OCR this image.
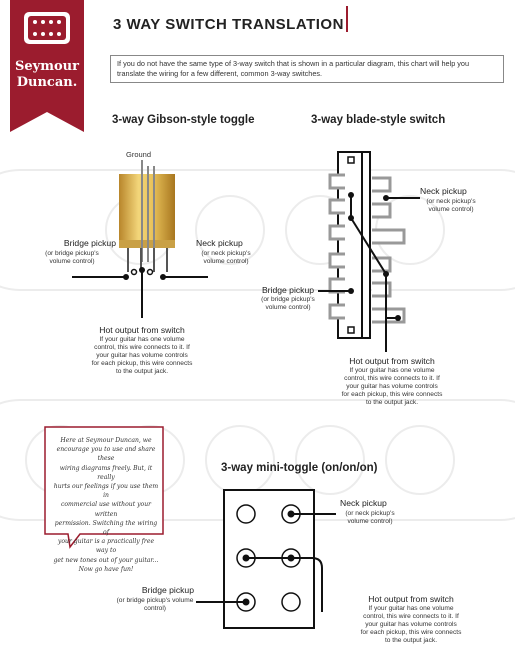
Seymour
Duncan.
3 WAY SWITCH TRANSLATION
If you do not have the same type of 3-way switch that is shown in a particular diagram, this chart will help you translate the wiring for a few different, common 3-way switches.
3-way Gibson-style toggle
Ground
Bridge pickup
(or bridge pickup's
volume control)
Neck pickup
(or neck pickup's
volume control)
Hot output from switch
If your guitar has one volume
control, this wire connects to it. If
your guitar has volume controls
for each pickup, this wire connects
to the output jack.
3-way blade-style switch
Neck pickup
(or neck pickup's
volume control)
Bridge pickup
(or bridge pickup's
volume control)
Hot output from switch
If your guitar has one volume
control, this wire connects to it. If
your guitar has volume controls
for each pickup, this wire connects
to the output jack.
Here at Seymour Duncan, we
encourage you to use and share these
wiring diagrams freely. But, it really
hurts our feelings if you use them in
commercial use without your written
permission. Switching the wiring of
your guitar is a practically free way to
get new tones out of your guitar...
Now go have fun!
3-way mini-toggle (on/on/on)
Neck pickup
(or neck pickup's
volume control)
Bridge pickup
(or bridge pickup's volume
control)
Hot output from switch
If your guitar has one volume
control, this wire connects to it. If
your guitar has volume controls
for each pickup, this wire connects
to the output jack.
